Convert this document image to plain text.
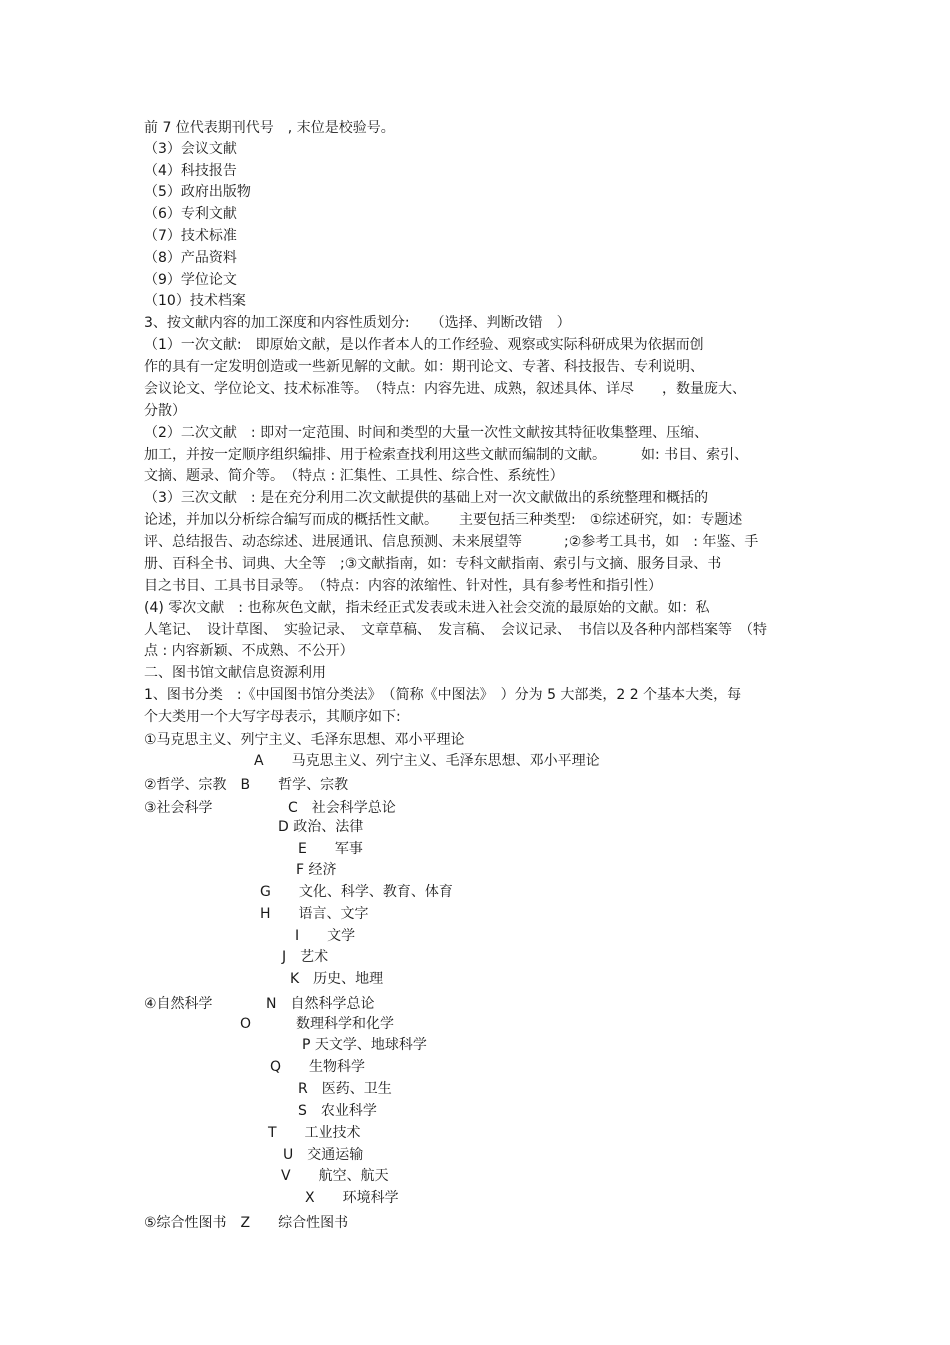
前 7 位代表期刊代号　, 末位是校验号。
（3）会议文献
（4）科技报告
（5）政府出版物
（6）专利文献
（7）技术标准
（8）产品资料
（9）学位论文
（10）技术档案
3、按文献内容的加工深度和内容性质划分:　　（选择、判断改错　）
（1）一次文献:　即原始文献，是以作者本人的工作经验、观察或实际科研成果为依据而创
作的具有一定发明创造或一些新见解的文献。如：期刊论文、专著、科技报告、专利说明、
会议论文、学位论文、技术标准等。　（特点：内容先进、成熟，叙述具体、详尽　　，数量庞大、
分散）
（2）二次文献　: 即对一定范围、时间和类型的大量一次性文献按其特征收集整理、压缩、
加工，并按一定顺序组织编排、用于检索查找利用这些文献而编制的文献。　　　如: 书目、索引、
文摘、题录、简介等。　（特点 : 汇集性、工具性、综合性、系统性）
（3）三次文献　: 是在充分利用二次文献提供的基础上对一次文献做出的系统整理和概括的
论述，并加以分析综合编写而成的概括性文献。　　主要包括三种类型:　①综述研究，如：专题述
评、总结报告、动态综述、进展通讯、信息预测、未来展望等　　　;②参考工具书，如　: 年鉴、手
册、百科全书、词典、大全等　;③文献指南，如：专科文献指南、索引与文摘、服务目录、书
目之书目、工具书目录等。　（特点：内容的浓缩性、针对性，具有参考性和指引性）
(4) 零次文献　: 也称灰色文献，指未经正式发表或未进入社会交流的最原始的文献。如：私
人笔记、　设计草图、　实验记录、　文章草稿、　发言稿、　会议记录、　书信以及各种内部档案等　（特
点 : 内容新颖、不成熟、不公开）
二、图书馆文献信息资源利用
1、图书分类　:《中国图书馆分类法》　（简称《中图法》　）分为 5 大部类，2 2 个基本大类，每
个大类用一个大写字母表示，其顺序如下:
①马克思主义、列宁主义、毛泽东思想、邓小平理论
A　　马克思主义、列宁主义、毛泽东思想、邓小平理论
②哲学、宗教　B　　哲学、宗教
③社会科学	C　社会科学总论
D 政治、法律
E　　军事
F 经济
G　　文化、科学、教育、体育
H　　语言、文字
I　　文学
J　艺术
K　历史、地理
④自然科学	N　自然科学总论
O	数理科学和化学
P 天文学、地球科学
Q　　生物科学
R　医药、卫生
S　农业科学
T　　工业技术
U　交通运输
V　　航空、航天
X　　环境科学
⑤综合性图书　Z　　综合性图书
